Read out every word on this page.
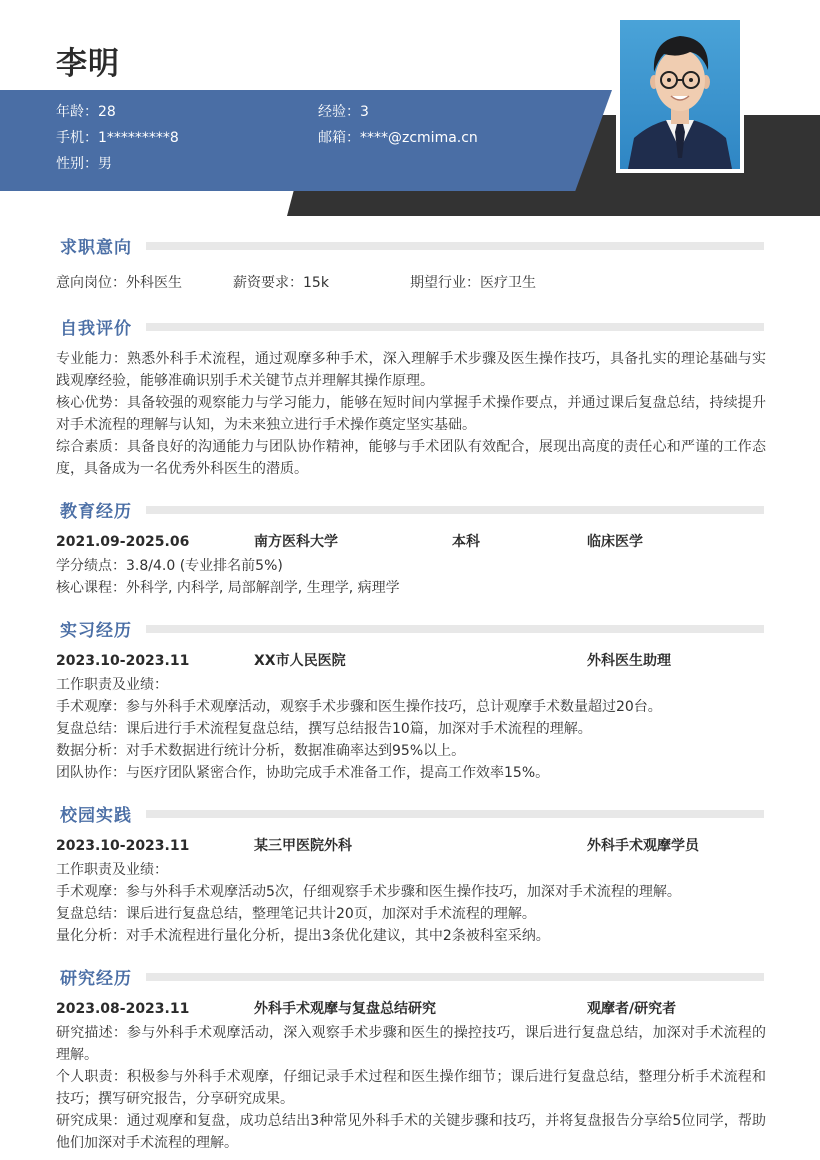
李明
年龄：28	经验：3
手机：1*********8	邮箱：****@zcmima.cn
性别：男
求职意向
意向岗位：外科医生	薪资要求：15k	期望行业：医疗卫生
自我评价
专业能力：熟悉外科手术流程，通过观摩多种手术，深入理解手术步骤及医生操作技巧，具备扎实的理论基础与实践观摩经验，能够准确识别手术关键节点并理解其操作原理。
核心优势：具备较强的观察能力与学习能力，能够在短时间内掌握手术操作要点，并通过课后复盘总结，持续提升对手术流程的理解与认知，为未来独立进行手术操作奠定坚实基础。
综合素质：具备良好的沟通能力与团队协作精神，能够与手术团队有效配合，展现出高度的责任心和严谨的工作态度，具备成为一名优秀外科医生的潜质。
教育经历
2021.09-2025.06	南方医科大学	本科	临床医学
学分绩点：3.8/4.0 (专业排名前5%)
核心课程：外科学, 内科学, 局部解剖学, 生理学, 病理学
实习经历
2023.10-2023.11	XX市人民医院	外科医生助理
工作职责及业绩：
手术观摩：参与外科手术观摩活动，观察手术步骤和医生操作技巧，总计观摩手术数量超过20台。
复盘总结：课后进行手术流程复盘总结，撰写总结报告10篇，加深对手术流程的理解。
数据分析：对手术数据进行统计分析，数据准确率达到95%以上。
团队协作：与医疗团队紧密合作，协助完成手术准备工作，提高工作效率15%。
校园实践
2023.10-2023.11	某三甲医院外科	外科手术观摩学员
工作职责及业绩：
手术观摩：参与外科手术观摩活动5次，仔细观察手术步骤和医生操作技巧，加深对手术流程的理解。
复盘总结：课后进行复盘总结，整理笔记共计20页，加深对手术流程的理解。
量化分析：对手术流程进行量化分析，提出3条优化建议，其中2条被科室采纳。
研究经历
2023.08-2023.11	外科手术观摩与复盘总结研究	观摩者/研究者
研究描述：参与外科手术观摩活动，深入观察手术步骤和医生的操控技巧，课后进行复盘总结，加深对手术流程的理解。
个人职责：积极参与外科手术观摩，仔细记录手术过程和医生操作细节；课后进行复盘总结，整理分析手术流程和技巧；撰写研究报告，分享研究成果。
研究成果：通过观摩和复盘，成功总结出3种常见外科手术的关键步骤和技巧，并将复盘报告分享给5位同学，帮助他们加深对手术流程的理解。
